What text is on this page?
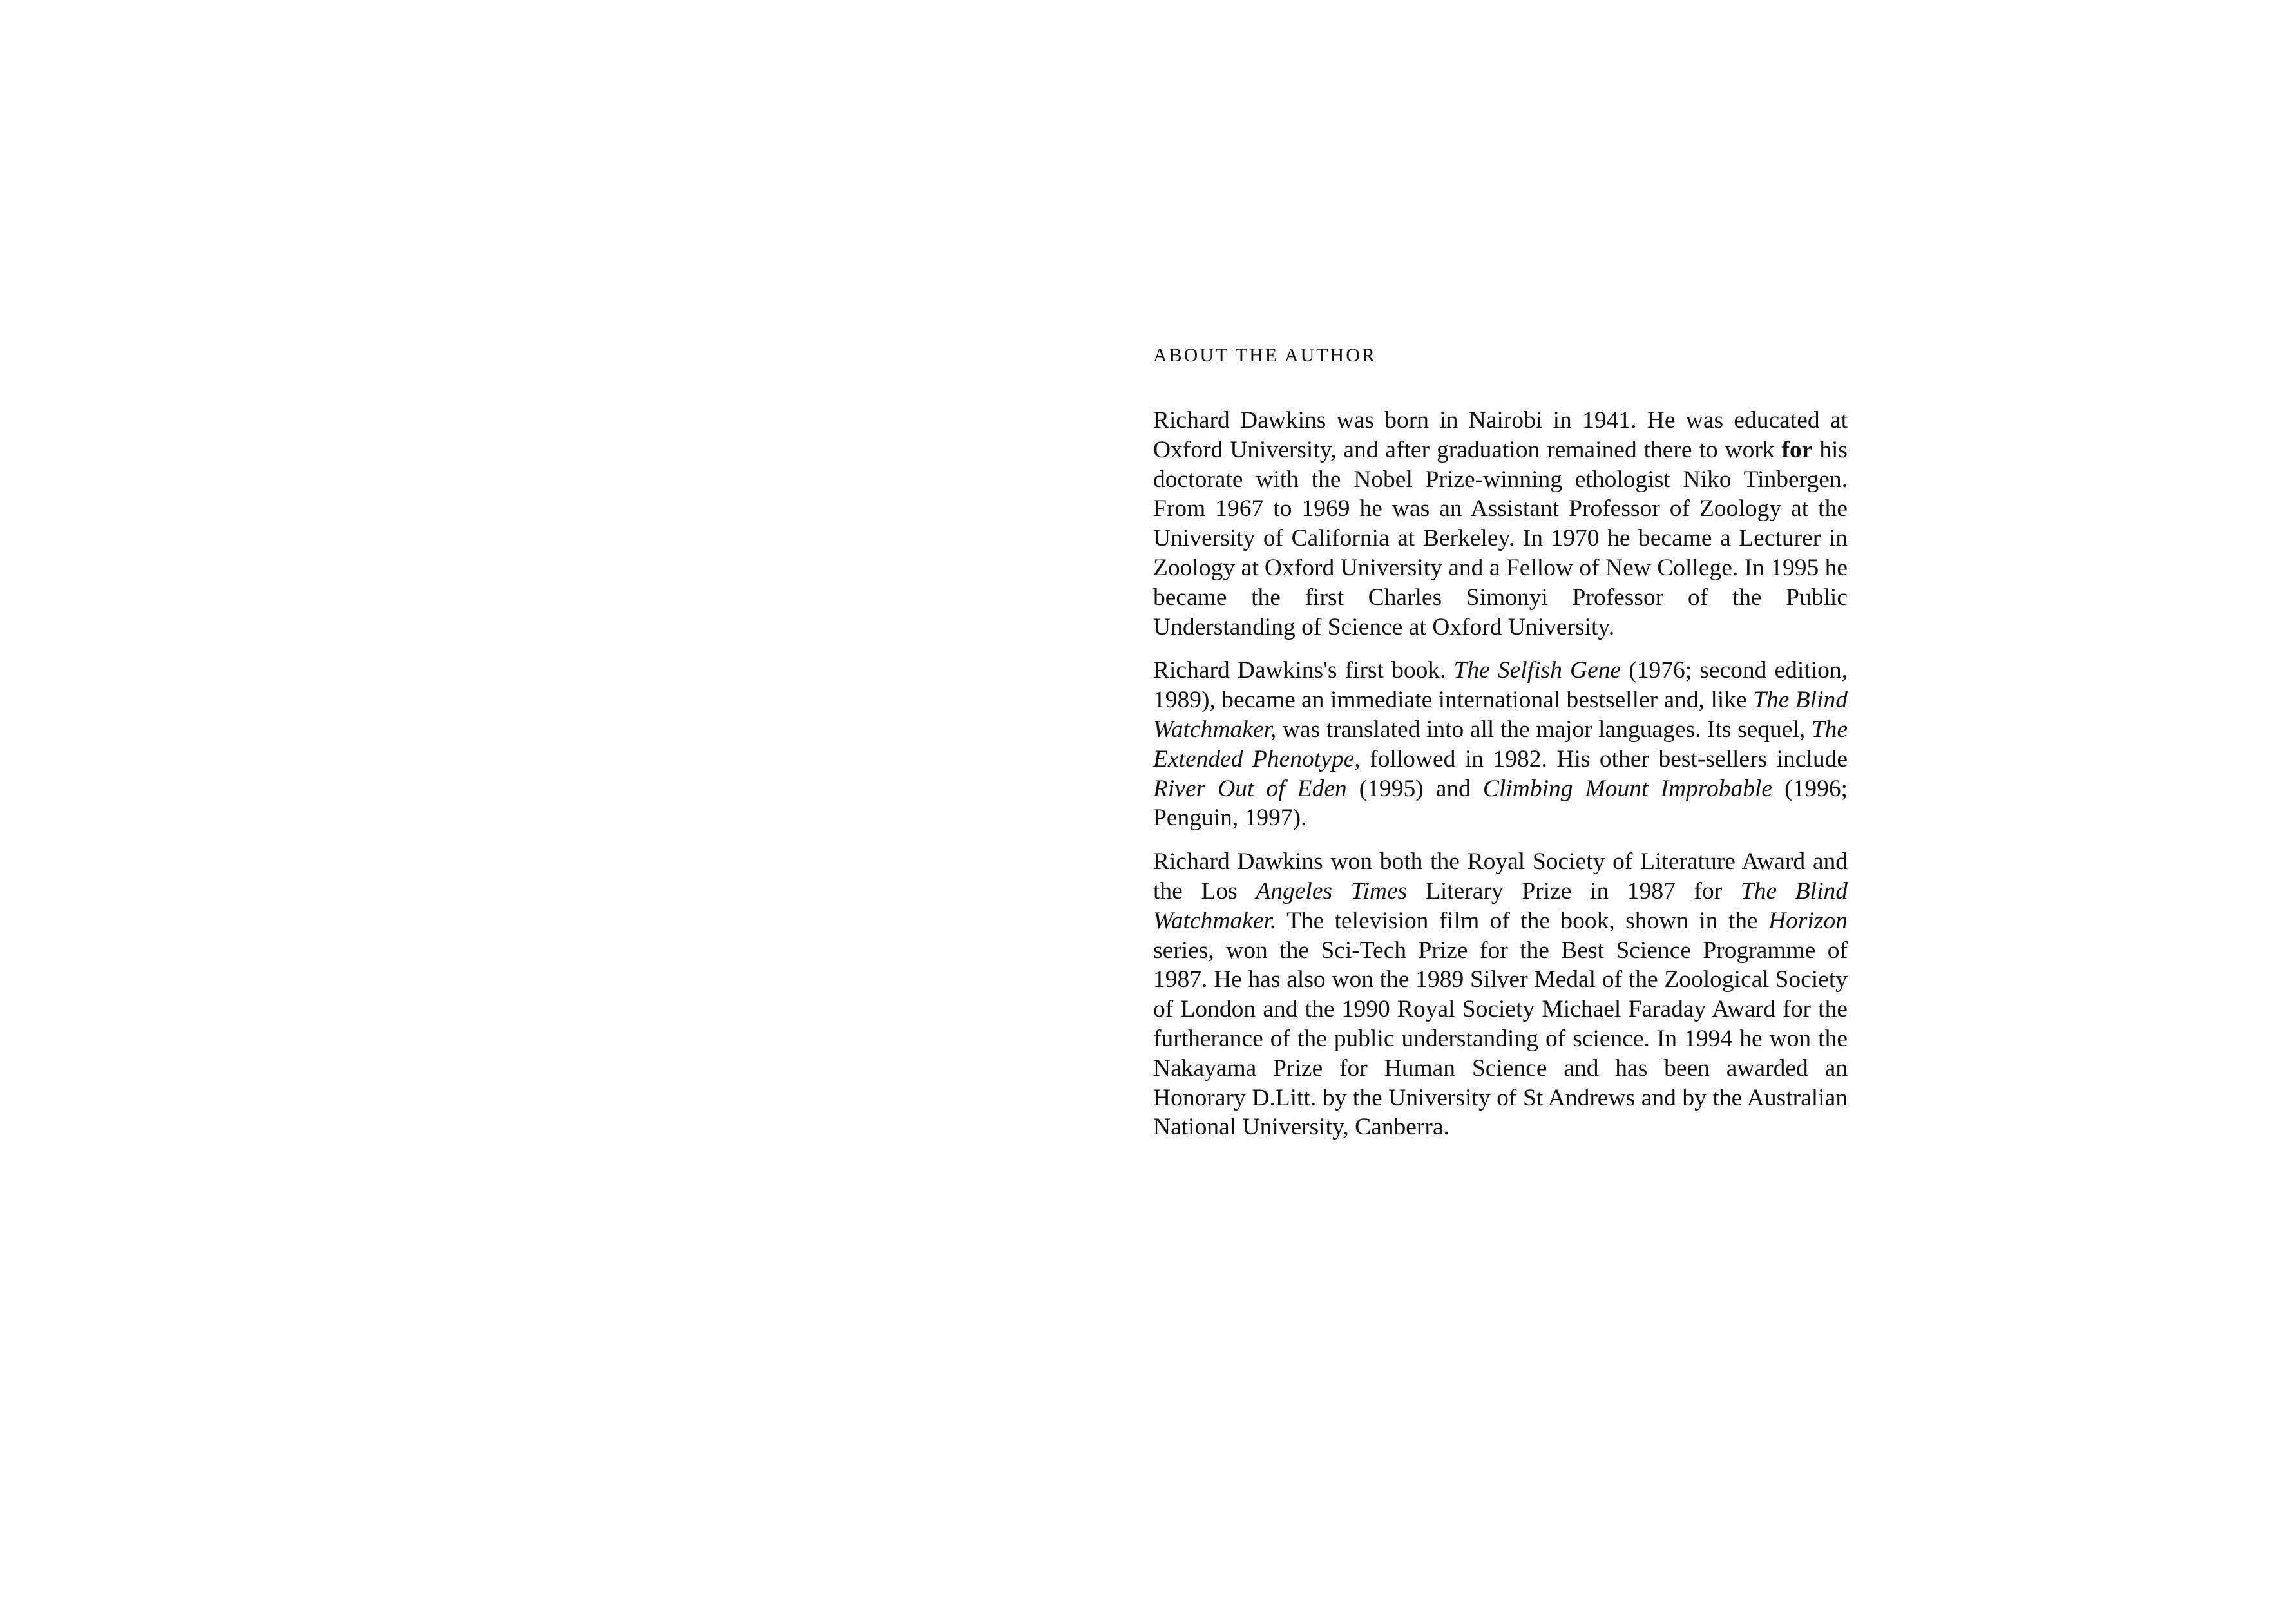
ABOUT THE AUTHOR

Richard Dawkins was born in Nairobi in 1941. He was educated at Oxford University, and after graduation remained there to work for his doctorate with the Nobel Prize-winning ethologist Niko Tinbergen. From 1967 to 1969 he was an Assistant Professor of Zoology at the University of California at Berkeley. In 1970 he became a Lecturer in Zoology at Oxford University and a Fellow of New College. In 1995 he became the first Charles Simonyi Professor of the Public Understanding of Science at Oxford University.

Richard Dawkins's first book. The Selfish Gene (1976; second edition, 1989), became an immediate international bestseller and, like The Blind Watchmaker, was translated into all the major languages. Its sequel, The Extended Phenotype, followed in 1982. His other best-sellers include River Out of Eden (1995) and Climbing Mount Improbable (1996; Penguin, 1997).

Richard Dawkins won both the Royal Society of Literature Award and the Los Angeles Times Literary Prize in 1987 for The Blind Watchmaker. The television film of the book, shown in the Horizon series, won the Sci-Tech Prize for the Best Science Programme of 1987. He has also won the 1989 Silver Medal of the Zoological Society of London and the 1990 Royal Society Michael Faraday Award for the furtherance of the public understanding of science. In 1994 he won the Nakayama Prize for Human Science and has been awarded an Honorary D.Litt. by the University of St Andrews and by the Australian National University, Canberra.
